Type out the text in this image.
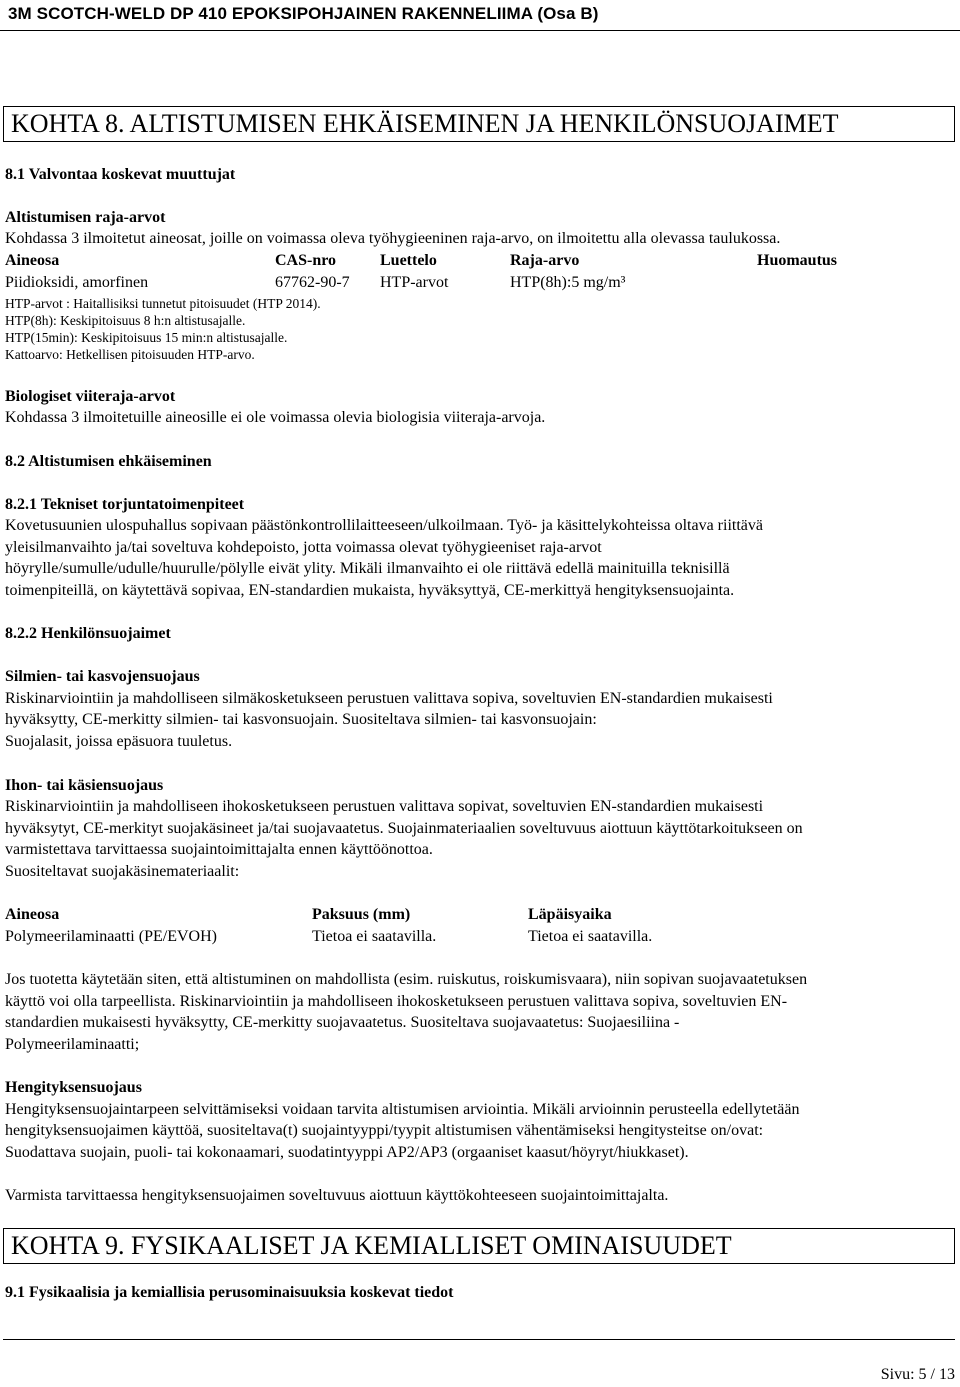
3M SCOTCH-WELD DP 410 EPOKSIPOHJAINEN RAKENNELIIMA (Osa B)
KOHTA 8. ALTISTUMISEN EHKÄISEMINEN JA HENKILÖNSUOJAIMET
8.1 Valvontaa koskevat muuttujat
Altistumisen raja-arvot
Kohdassa 3 ilmoitetut aineosat, joille on voimassa oleva työhygieeninen raja-arvo, on ilmoitettu alla olevassa taulukossa.
Aineosa	CAS-nro	Luettelo	Raja-arvo	Huomautus
Piidioksidi, amorfinen	67762-90-7 HTP-arvot	HTP(8h):5 mg/m³
HTP-arvot : Haitallisiksi tunnetut pitoisuudet (HTP 2014).
HTP(8h): Keskipitoisuus 8 h:n altistusajalle.
HTP(15min): Keskipitoisuus 15 min:n altistusajalle.
Kattoarvo: Hetkellisen pitoisuuden HTP-arvo.
Biologiset viiteraja-arvot
Kohdassa 3 ilmoitetuille aineosille ei ole voimassa olevia biologisia viiteraja-arvoja.
8.2 Altistumisen ehkäiseminen
8.2.1 Tekniset torjuntatoimenpiteet
Kovetusuunien ulospuhallus sopivaan päästönkontrollilaitteeseen/ulkoilmaan. Työ- ja käsittelykohteissa oltava riittävä
yleisilmanvaihto ja/tai soveltuva kohdepoisto, jotta voimassa olevat työhygieeniset raja-arvot
höyrylle/sumulle/udulle/huurulle/pölylle eivät ylity. Mikäli ilmanvaihto ei ole riittävä edellä mainituilla teknisillä
toimenpiteillä, on käytettävä sopivaa, EN-standardien mukaista, hyväksyttyä, CE-merkittyä hengityksensuojainta.
8.2.2 Henkilönsuojaimet
Silmien- tai kasvojensuojaus
Riskinarviointiin ja mahdolliseen silmäkosketukseen perustuen valittava sopiva, soveltuvien EN-standardien mukaisesti
hyväksytty, CE-merkitty silmien- tai kasvonsuojain. Suositeltava silmien- tai kasvonsuojain:
Suojalasit, joissa epäsuora tuuletus.
Ihon- tai käsiensuojaus
Riskinarviointiin ja mahdolliseen ihokosketukseen perustuen valittava sopivat, soveltuvien EN-standardien mukaisesti
hyväksytyt, CE-merkityt suojakäsineet ja/tai suojavaatetus. Suojainmateriaalien soveltuvuus aiottuun käyttötarkoitukseen on
varmistettava tarvittaessa suojaintoimittajalta ennen käyttöönottoa.
Suositeltavat suojakäsinemateriaalit:
Aineosa	Paksuus (mm)	Läpäisyaika
Polymeerilaminaatti (PE/EVOH)	Tietoa ei saatavilla.	Tietoa ei saatavilla.
Jos tuotetta käytetään siten, että altistuminen on mahdollista (esim. ruiskutus, roiskumisvaara), niin sopivan suojavaatetuksen
käyttö voi olla tarpeellista. Riskinarviointiin ja mahdolliseen ihokosketukseen perustuen valittava sopiva, soveltuvien EN-
standardien mukaisesti hyväksytty, CE-merkitty suojavaatetus. Suositeltava suojavaatetus: Suojaesiliina -
Polymeerilaminaatti;
Hengityksensuojaus
Hengityksensuojaintarpeen selvittämiseksi voidaan tarvita altistumisen arviointia. Mikäli arvioinnin perusteella edellytetään
hengityksensuojaimen käyttöä, suositeltava(t) suojaintyyppi/tyypit altistumisen vähentämiseksi hengitysteitse on/ovat:
Suodattava suojain, puoli- tai kokonaamari, suodatintyyppi AP2/AP3 (orgaaniset kaasut/höyryt/hiukkaset).
Varmista tarvittaessa hengityksensuojaimen soveltuvuus aiottuun käyttökohteeseen suojaintoimittajalta.
KOHTA 9. FYSIKAALISET JA KEMIALLISET OMINAISUUDET
9.1 Fysikaalisia ja kemiallisia perusominaisuuksia koskevat tiedot
Sivu: 5 / 13
